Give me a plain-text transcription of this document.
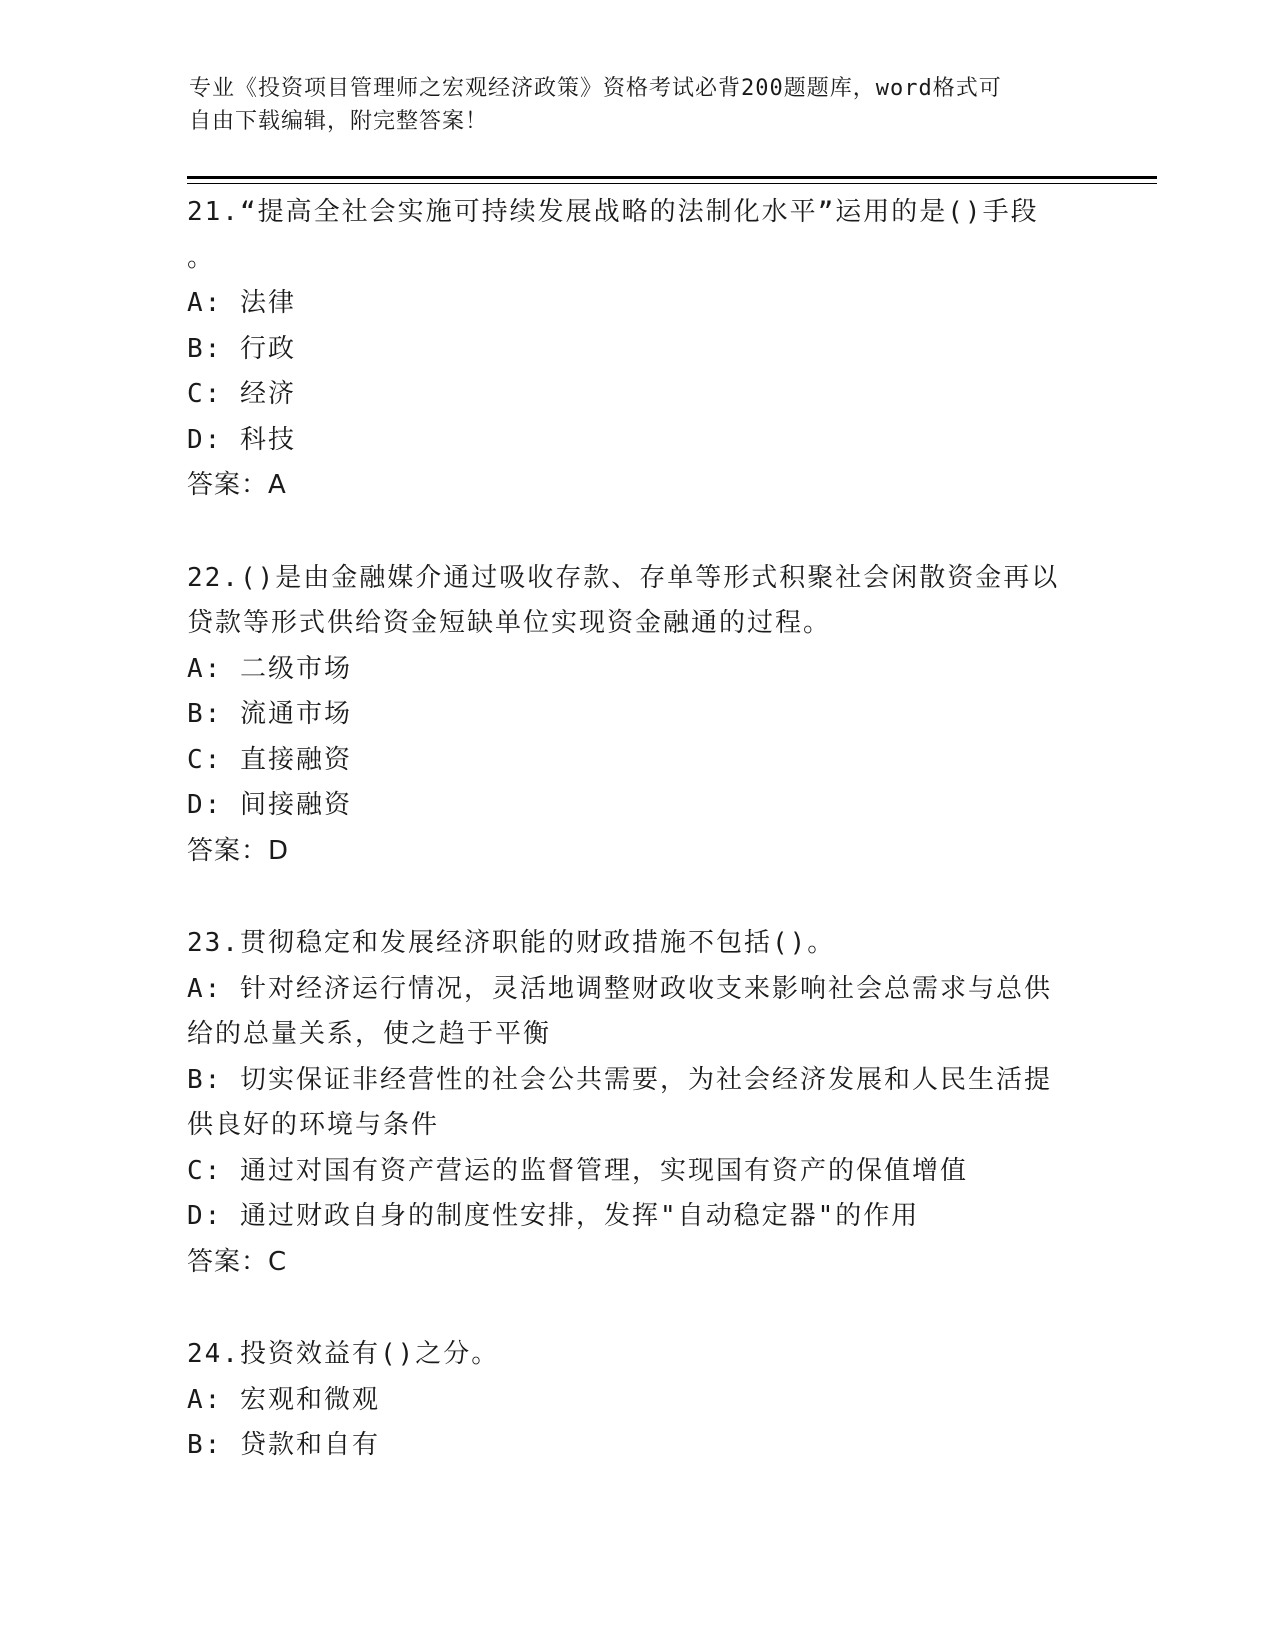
专业《投资项目管理师之宏观经济政策》资格考试必背200题题库，word格式可
自由下载编辑，附完整答案！
21.“提高全社会实施可持续发展战略的法制化水平”运用的是()手段
。
A: 法律
B: 行政
C: 经济
D: 科技
答案：A
22.()是由金融媒介通过吸收存款、存单等形式积聚社会闲散资金再以
贷款等形式供给资金短缺单位实现资金融通的过程。
A: 二级市场
B: 流通市场
C: 直接融资
D: 间接融资
答案：D
23.贯彻稳定和发展经济职能的财政措施不包括()。
A: 针对经济运行情况，灵活地调整财政收支来影响社会总需求与总供
给的总量关系，使之趋于平衡
B: 切实保证非经营性的社会公共需要，为社会经济发展和人民生活提
供良好的环境与条件
C: 通过对国有资产营运的监督管理，实现国有资产的保值增值
D: 通过财政自身的制度性安排，发挥"自动稳定器"的作用
答案：C
24.投资效益有()之分。
A: 宏观和微观
B: 贷款和自有
